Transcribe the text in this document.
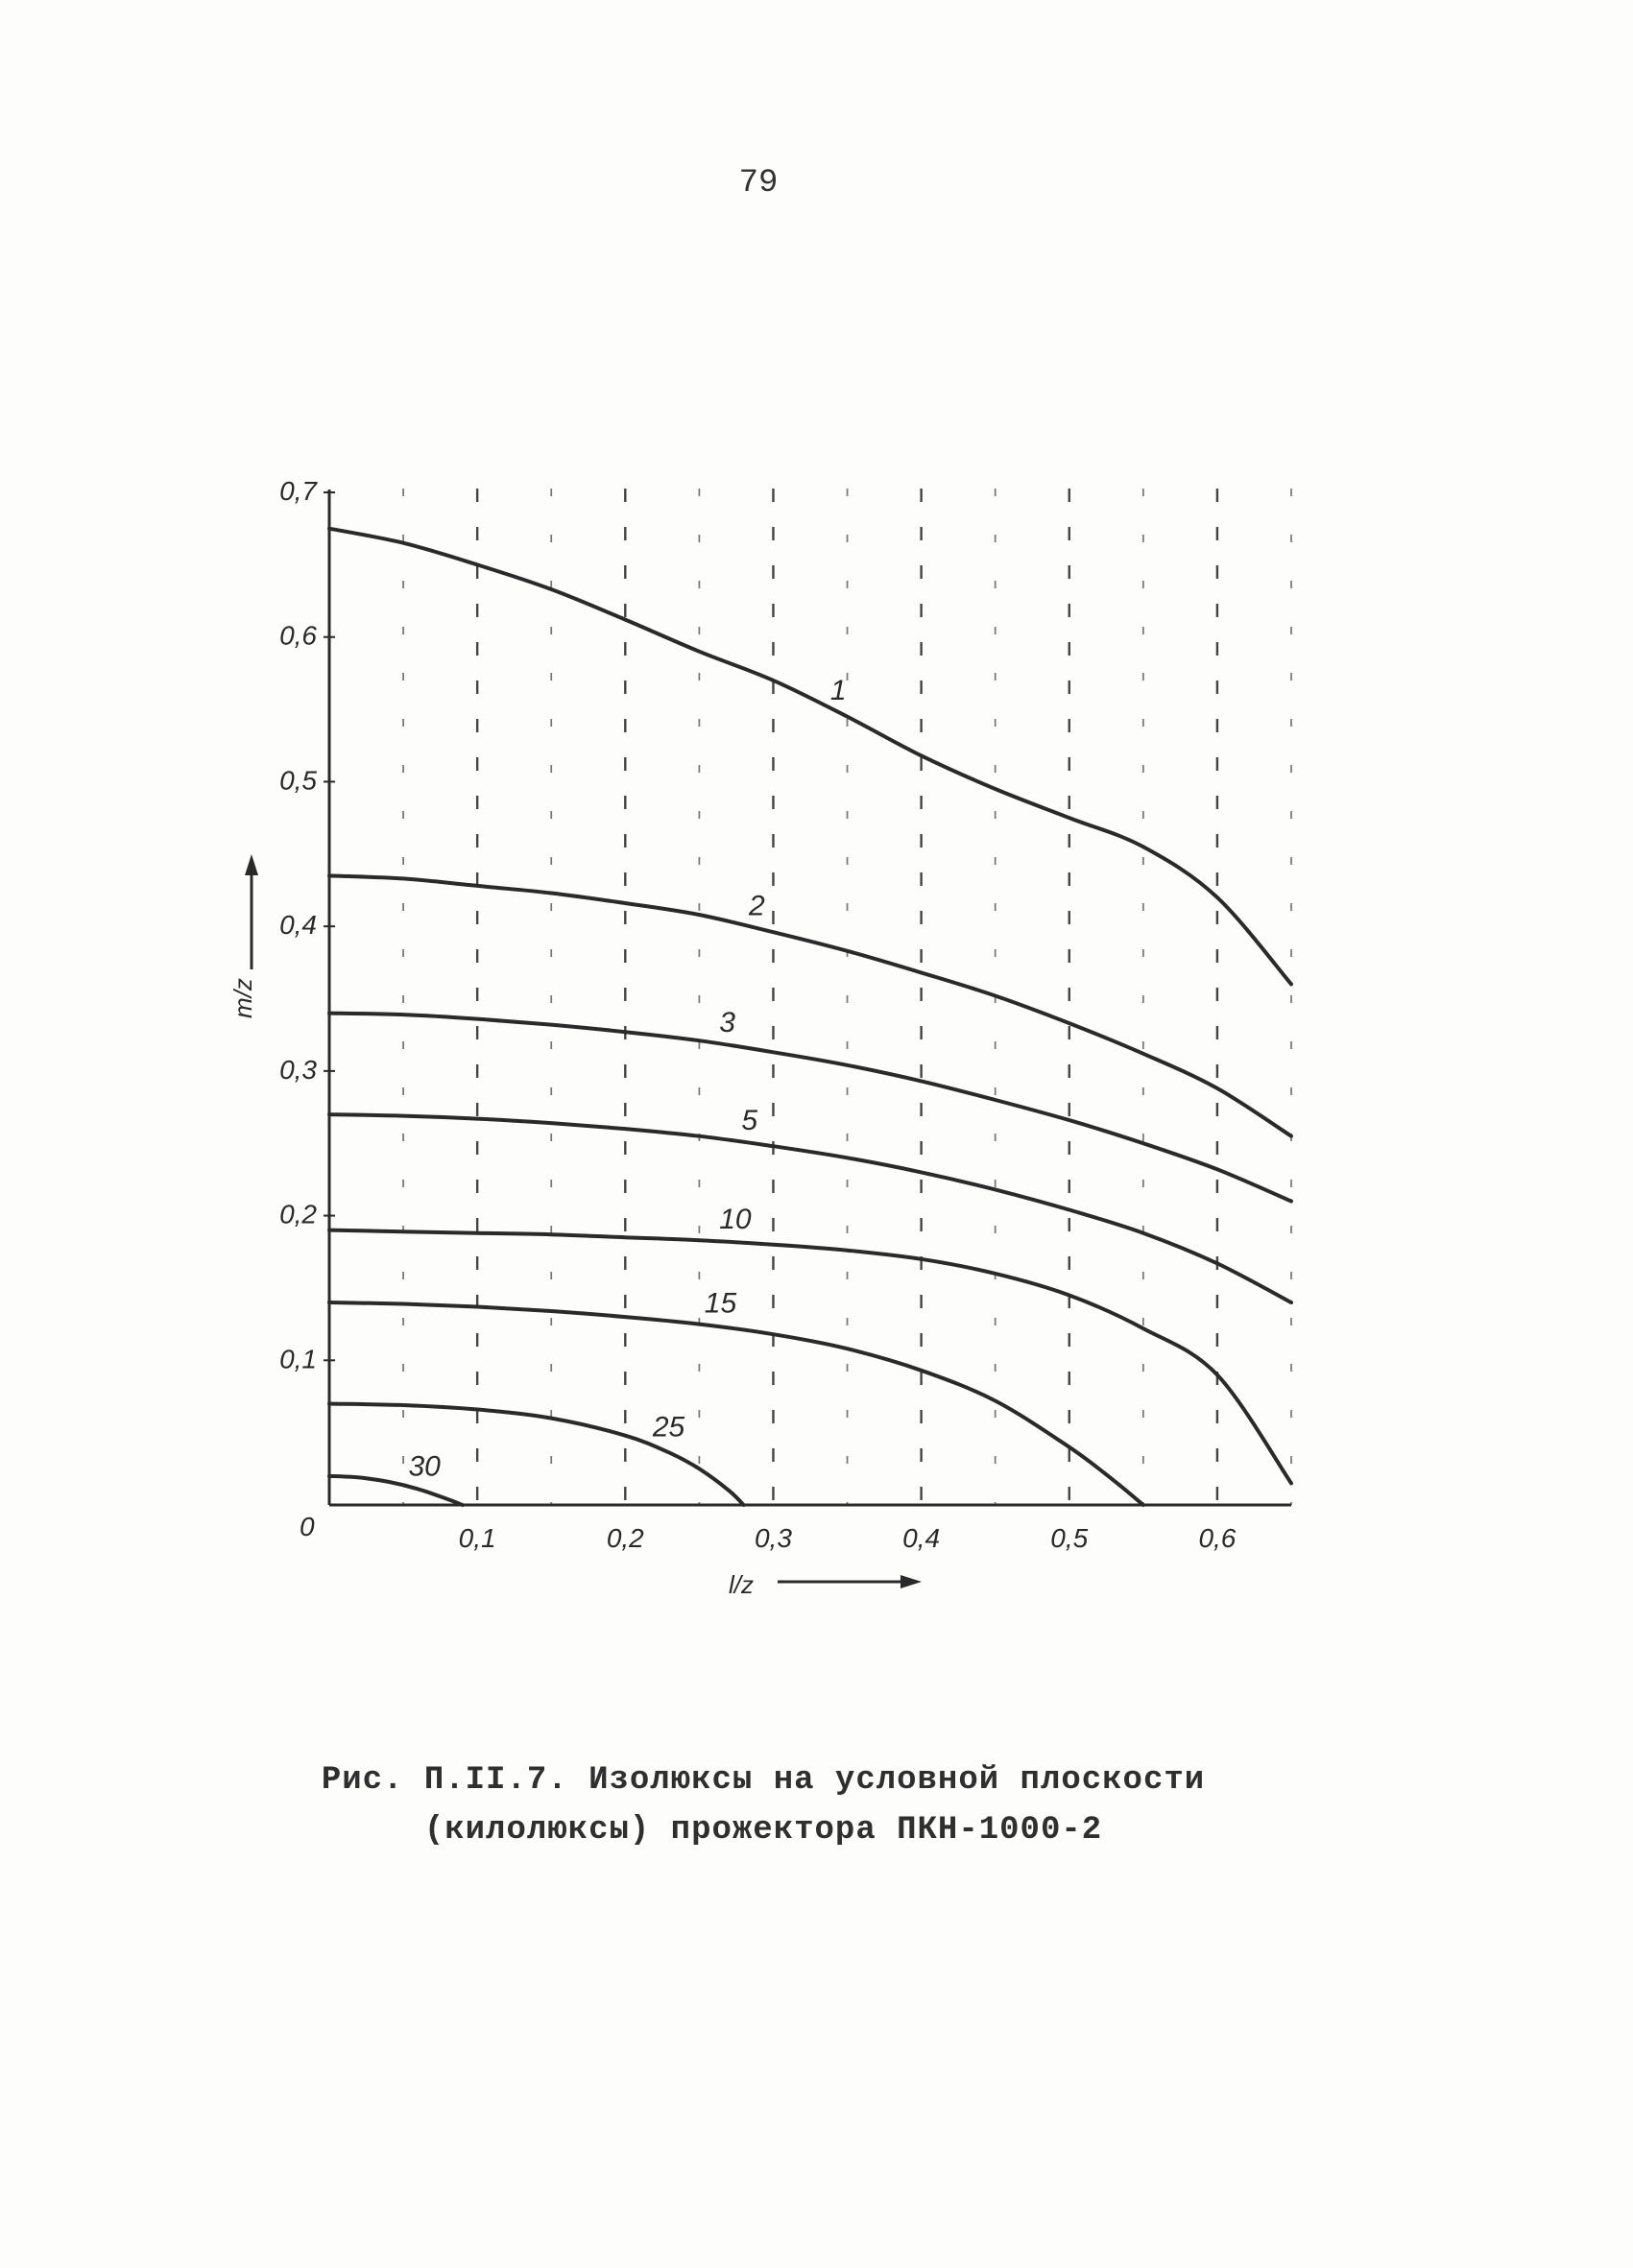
79
0
m/z
l/z
0,1
0,2
0,3
0,4
0,5
0,6
0,7
0,1	0,2	0,3	0,4	0,5	0,6
1
2
3
5
10
15
25
30
Рис. П.II.7. Изолюксы на условной плоскости
(килолюксы) прожектора ПКН-1000-2
